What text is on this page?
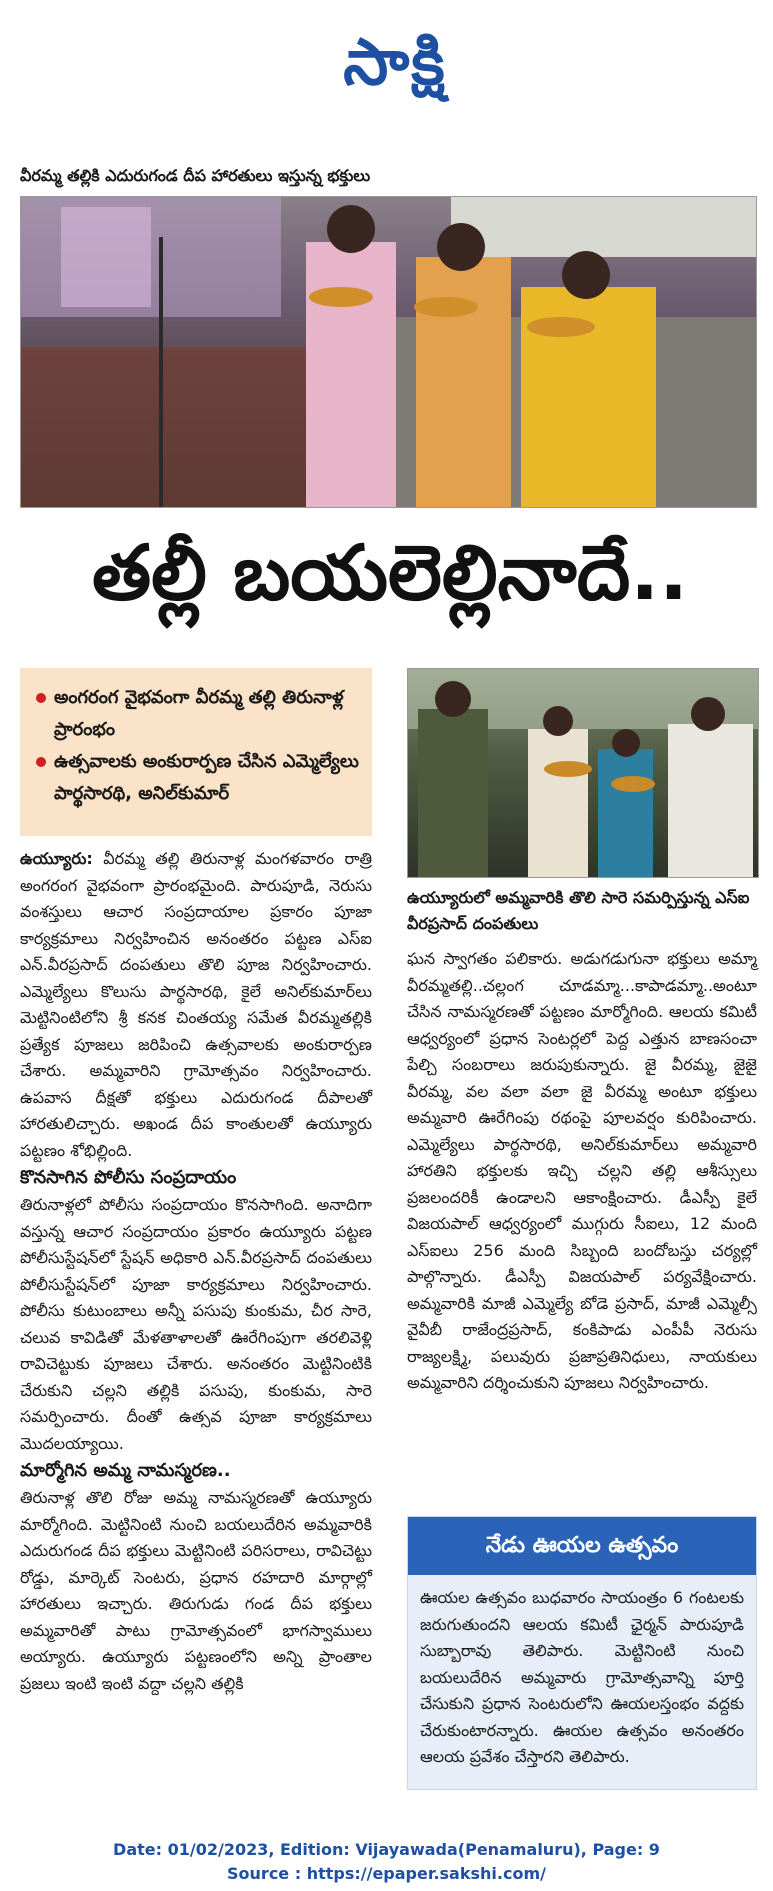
సాక్షి
వీరమ్మ తల్లికి ఎదురుగండ దీప హారతులు ఇస్తున్న భక్తులు
తల్లీ బయలెల్లినాదే..
అంగరంగ వైభవంగా వీరమ్మ తల్లి తిరునాళ్ల ప్రారంభం
ఉత్సవాలకు అంకురార్పణ చేసిన ఎమ్మెల్యేలు పార్థసారథి, అనిల్‌కుమార్
ఉయ్యూరులో అమ్మవారికి తొలి సారె సమర్పిస్తున్న ఎస్ఐ వీరప్రసాద్ దంపతులు

ఉయ్యూరు: వీరమ్మ తల్లి తిరునాళ్ల మంగళవారం రాత్రి అంగరంగ వైభవంగా ప్రారంభమైంది. పారుపూడి, నెరుసు వంశస్తులు ఆచార సంప్రదాయాల ప్రకారం పూజా కార్యక్రమాలు నిర్వహించిన అనంతరం పట్టణ ఎస్ఐ ఎన్.వీరప్రసాద్ దంపతులు తొలి పూజ నిర్వహించారు. ఎమ్మెల్యేలు కొలుసు పార్థసారథి, కైలే అనిల్‌కుమార్‌లు మెట్టినింటిలోని శ్రీ కనక చింతయ్య సమేత వీరమ్మతల్లికి ప్రత్యేక పూజలు జరిపించి ఉత్సవాలకు అంకురార్పణ చేశారు. అమ్మవారిని గ్రామోత్సవం నిర్వహించారు. ఉపవాస దీక్షతో భక్తులు ఎదురుగండ దీపాలతో హారతులిచ్చారు. అఖండ దీప కాంతులతో ఉయ్యూరు పట్టణం శోభిల్లింది.

కొనసాగిన పోలీసు సంప్రదాయం

తిరునాళ్లలో పోలీసు సంప్రదాయం కొనసాగింది. అనాదిగా వస్తున్న ఆచార సంప్రదాయం ప్రకారం ఉయ్యూరు పట్టణ పోలీసుస్టేషన్‌లో స్టేషన్ అధికారి ఎన్.వీరప్రసాద్ దంపతులు పోలీసుస్టేషన్‌లో పూజా కార్యక్రమాలు నిర్వహించారు. పోలీసు కుటుంబాలు అన్నీ పసుపు కుంకుమ, చీర సారె, చలువ కావిడితో మేళతాళాలతో ఊరేగింపుగా తరలివెళ్లి రావిచెట్టుకు పూజలు చేశారు. అనంతరం మెట్టినింటికి చేరుకుని చల్లని తల్లికి పసుపు, కుంకుమ, సారె సమర్పించారు. దీంతో ఉత్సవ పూజా కార్యక్రమాలు మొదలయ్యాయి.

మార్మోగిన అమ్మ నామస్మరణ..

తిరునాళ్ల తొలి రోజు అమ్మ నామస్మరణతో ఉయ్యూరు మార్మోగింది. మెట్టినింటి నుంచి బయలుదేరిన అమ్మవారికి ఎదురుగండ దీప భక్తులు మెట్టినింటి పరిసరాలు, రావిచెట్టు రోడ్డు, మార్కెట్ సెంటరు, ప్రధాన రహదారి మార్గాల్లో హారతులు ఇచ్చారు. తిరుగుడు గండ దీప భక్తులు అమ్మవారితో పాటు గ్రామోత్సవంలో భాగస్వాములు అయ్యారు. ఉయ్యూరు పట్టణంలోని అన్ని ప్రాంతాల ప్రజలు ఇంటి ఇంటి వద్దా చల్లని తల్లికి

ఘన స్వాగతం పలికారు. అడుగడుగునా భక్తులు అమ్మా వీరమ్మతల్లి..చల్లంగ చూడమ్మా...కాపాడమ్మా..అంటూ చేసిన నామస్మరణతో పట్టణం మార్మోగింది. ఆలయ కమిటీ ఆధ్వర్యంలో ప్రధాన సెంటర్లలో పెద్ద ఎత్తున బాణసంచా పేల్చి సంబరాలు జరుపుకున్నారు. జై వీరమ్మ, జైజై వీరమ్మ, వల వలా వలా జై వీరమ్మ అంటూ భక్తులు అమ్మవారి ఊరేగింపు రథంపై పూలవర్షం కురిపించారు. ఎమ్మెల్యేలు పార్థసారథి, అనిల్‌కుమార్‌లు అమ్మవారి హారతిని భక్తులకు ఇచ్చి చల్లని తల్లి ఆశీస్సులు ప్రజలందరికీ ఉండాలని ఆకాంక్షించారు. డీఎస్పీ కైలే విజయపాల్ ఆధ్వర్యంలో ముగ్గురు సీఐలు, 12 మంది ఎస్ఐలు 256 మంది సిబ్బంది బందోబస్తు చర్యల్లో పాల్గొన్నారు. డీఎస్పీ విజయపాల్ పర్యవేక్షించారు. అమ్మవారికి మాజీ ఎమ్మెల్యే బోడె ప్రసాద్, మాజీ ఎమ్మెల్సీ వైవీబీ రాజేంద్రప్రసాద్, కంకిపాడు ఎంపీపీ నెరుసు రాజ్యలక్ష్మి, పలువురు ప్రజాప్రతినిధులు, నాయకులు అమ్మవారిని దర్శించుకుని పూజలు నిర్వహించారు.

నేడు ఊయల ఉత్సవం
ఊయల ఉత్సవం బుధవారం సాయంత్రం 6 గంటలకు జరుగుతుందని ఆలయ కమిటీ ఛైర్మన్ పారుపూడి సుబ్బారావు తెలిపారు. మెట్టినింటి నుంచి బయలుదేరిన అమ్మవారు గ్రామోత్సవాన్ని పూర్తి చేసుకుని ప్రధాన సెంటరులోని ఊయలస్తంభం వద్దకు చేరుకుంటారన్నారు. ఊయల ఉత్సవం అనంతరం ఆలయ ప్రవేశం చేస్తారని తెలిపారు.
Date: 01/02/2023, Edition: Vijayawada(Penamaluru), Page: 9
Source : https://epaper.sakshi.com/
